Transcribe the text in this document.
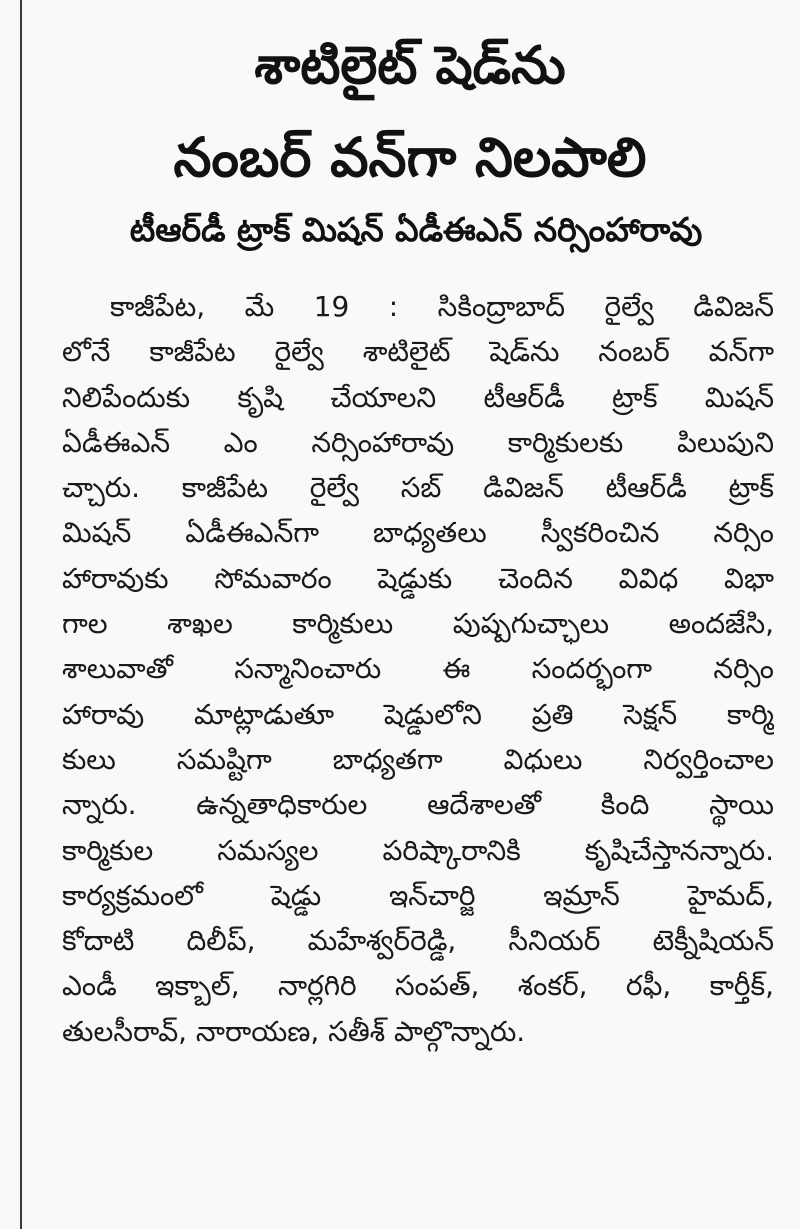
శాటిలైట్ షెడ్‌ను
నంబర్ వన్‌గా నిలపాలి
టీఆర్‌డీ ట్రాక్ మిషన్ ఏడీఈఎన్ నర్సింహారావు
కాజీపేట, మే 19 : సికింద్రాబాద్ రైల్వే డివిజన్
లోనే కాజీపేట రైల్వే శాటిలైట్ షెడ్‌ను నంబర్ వన్‌గా
నిలిపేందుకు కృషి చేయాలని టీఆర్‌డీ ట్రాక్ మిషన్
ఏడీఈఎన్ ఎం నర్సింహారావు కార్మికులకు పిలుపుని
చ్చారు. కాజీపేట రైల్వే సబ్ డివిజన్ టీఆర్‌డీ ట్రాక్
మిషన్ ఏడీఈఎన్‌గా బాధ్యతలు స్వీకరించిన నర్సిం
హారావుకు సోమవారం షెడ్డుకు చెందిన వివిధ విభా
గాల శాఖల కార్మికులు పుష్పగుచ్ఛాలు అందజేసి,
శాలువాతో సన్మానించారు ఈ సందర్భంగా నర్సిం
హారావు మాట్లాడుతూ షెడ్డులోని ప్రతి సెక్షన్ కార్మి
కులు సమష్టిగా బాధ్యతగా విధులు నిర్వర్తించాల
న్నారు. ఉన్నతాధికారుల ఆదేశాలతో కింది స్థాయి
కార్మికుల సమస్యల పరిష్కారానికి కృషిచేస్తానన్నారు.
కార్యక్రమంలో షెడ్డు ఇన్‌చార్జి ఇమ్రాన్ హైమద్,
కోదాటి దిలీప్, మహేశ్వర్‌రెడ్డి, సీనియర్ టెక్నీషియన్
ఎండీ ఇక్బాల్, నార్లగిరి సంపత్, శంకర్, రఫీ, కార్తీక్,
తులసీరావ్, నారాయణ, సతీశ్ పాల్గొన్నారు.
